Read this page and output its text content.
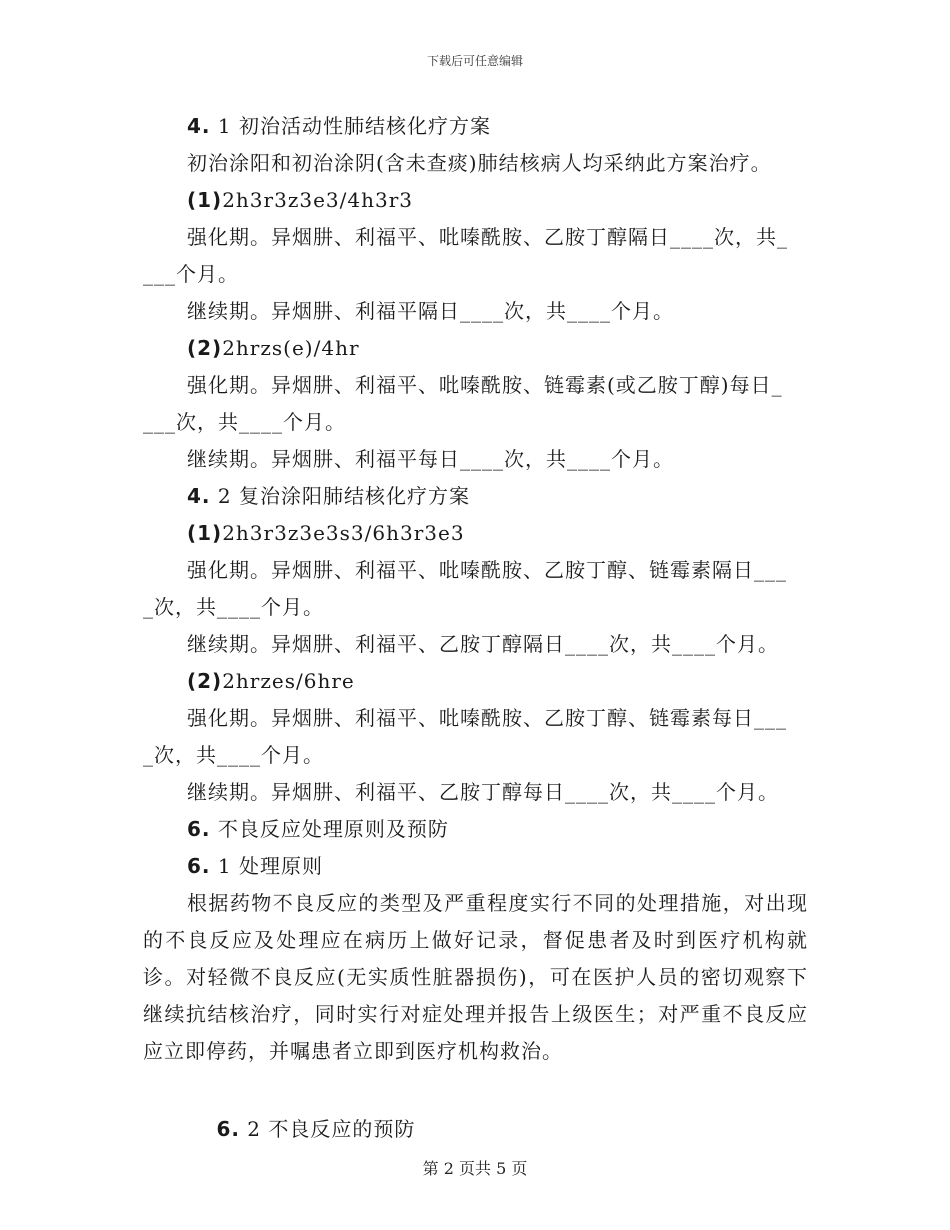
下载后可任意编辑
4. 1 初治活动性肺结核化疗方案
初治涂阳和初治涂阴(含未查痰)肺结核病人均采纳此方案治疗。
(1)2h3r3z3e3/4h3r3
强化期。异烟肼、利福平、吡嗪酰胺、乙胺丁醇隔日____次，共_
___个月。
继续期。异烟肼、利福平隔日____次，共____个月。
(2)2hrzs(e)/4hr
强化期。异烟肼、利福平、吡嗪酰胺、链霉素(或乙胺丁醇)每日_
___次，共____个月。
继续期。异烟肼、利福平每日____次，共____个月。
4. 2 复治涂阳肺结核化疗方案
(1)2h3r3z3e3s3/6h3r3e3
强化期。异烟肼、利福平、吡嗪酰胺、乙胺丁醇、链霉素隔日___
_次，共____个月。
继续期。异烟肼、利福平、乙胺丁醇隔日____次，共____个月。
(2)2hrzes/6hre
强化期。异烟肼、利福平、吡嗪酰胺、乙胺丁醇、链霉素每日___
_次，共____个月。
继续期。异烟肼、利福平、乙胺丁醇每日____次，共____个月。
6. 不良反应处理原则及预防
6. 1 处理原则
根据药物不良反应的类型及严重程度实行不同的处理措施，对出现的不良反应及处理应在病历上做好记录，督促患者及时到医疗机构就诊。对轻微不良反应(无实质性脏器损伤)，可在医护人员的密切观察下继续抗结核治疗，同时实行对症处理并报告上级医生；对严重不良反应应立即停药，并嘱患者立即到医疗机构救治。

6. 2 不良反应的预防

第 2 页共 5 页
